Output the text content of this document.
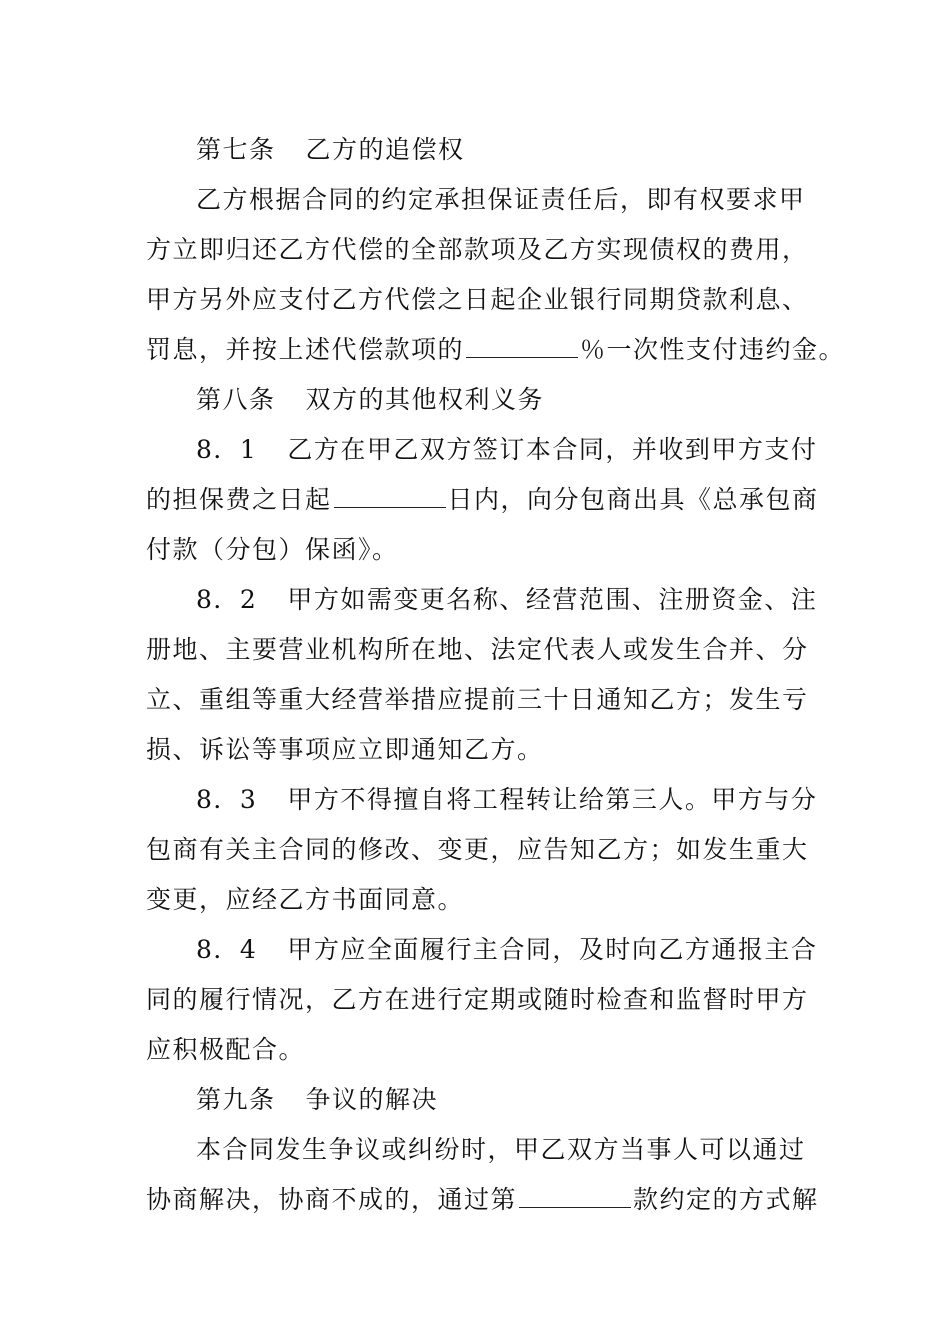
第七条 乙方的追偿权
乙方根据合同的约定承担保证责任后，即有权要求甲
方立即归还乙方代偿的全部款项及乙方实现债权的费用，
甲方另外应支付乙方代偿之日起企业银行同期贷款利息、
罚息，并按上述代偿款项的	％一次性支付违约金。
第八条 双方的其他权利义务
8．1 乙方在甲乙双方签订本合同，并收到甲方支付
的担保费之日起	日内，向分包商出具《总承包商
付款（分包）保函》。
8．2 甲方如需变更名称、经营范围、注册资金、注
册地、主要营业机构所在地、法定代表人或发生合并、分
立、重组等重大经营举措应提前三十日通知乙方；发生亏
损、诉讼等事项应立即通知乙方。
8．3 甲方不得擅自将工程转让给第三人。甲方与分
包商有关主合同的修改、变更，应告知乙方；如发生重大
变更，应经乙方书面同意。
8．4 甲方应全面履行主合同，及时向乙方通报主合
同的履行情况，乙方在进行定期或随时检查和监督时甲方
应积极配合。
第九条 争议的解决
本合同发生争议或纠纷时，甲乙双方当事人可以通过
协商解决，协商不成的，通过第	款约定的方式解
